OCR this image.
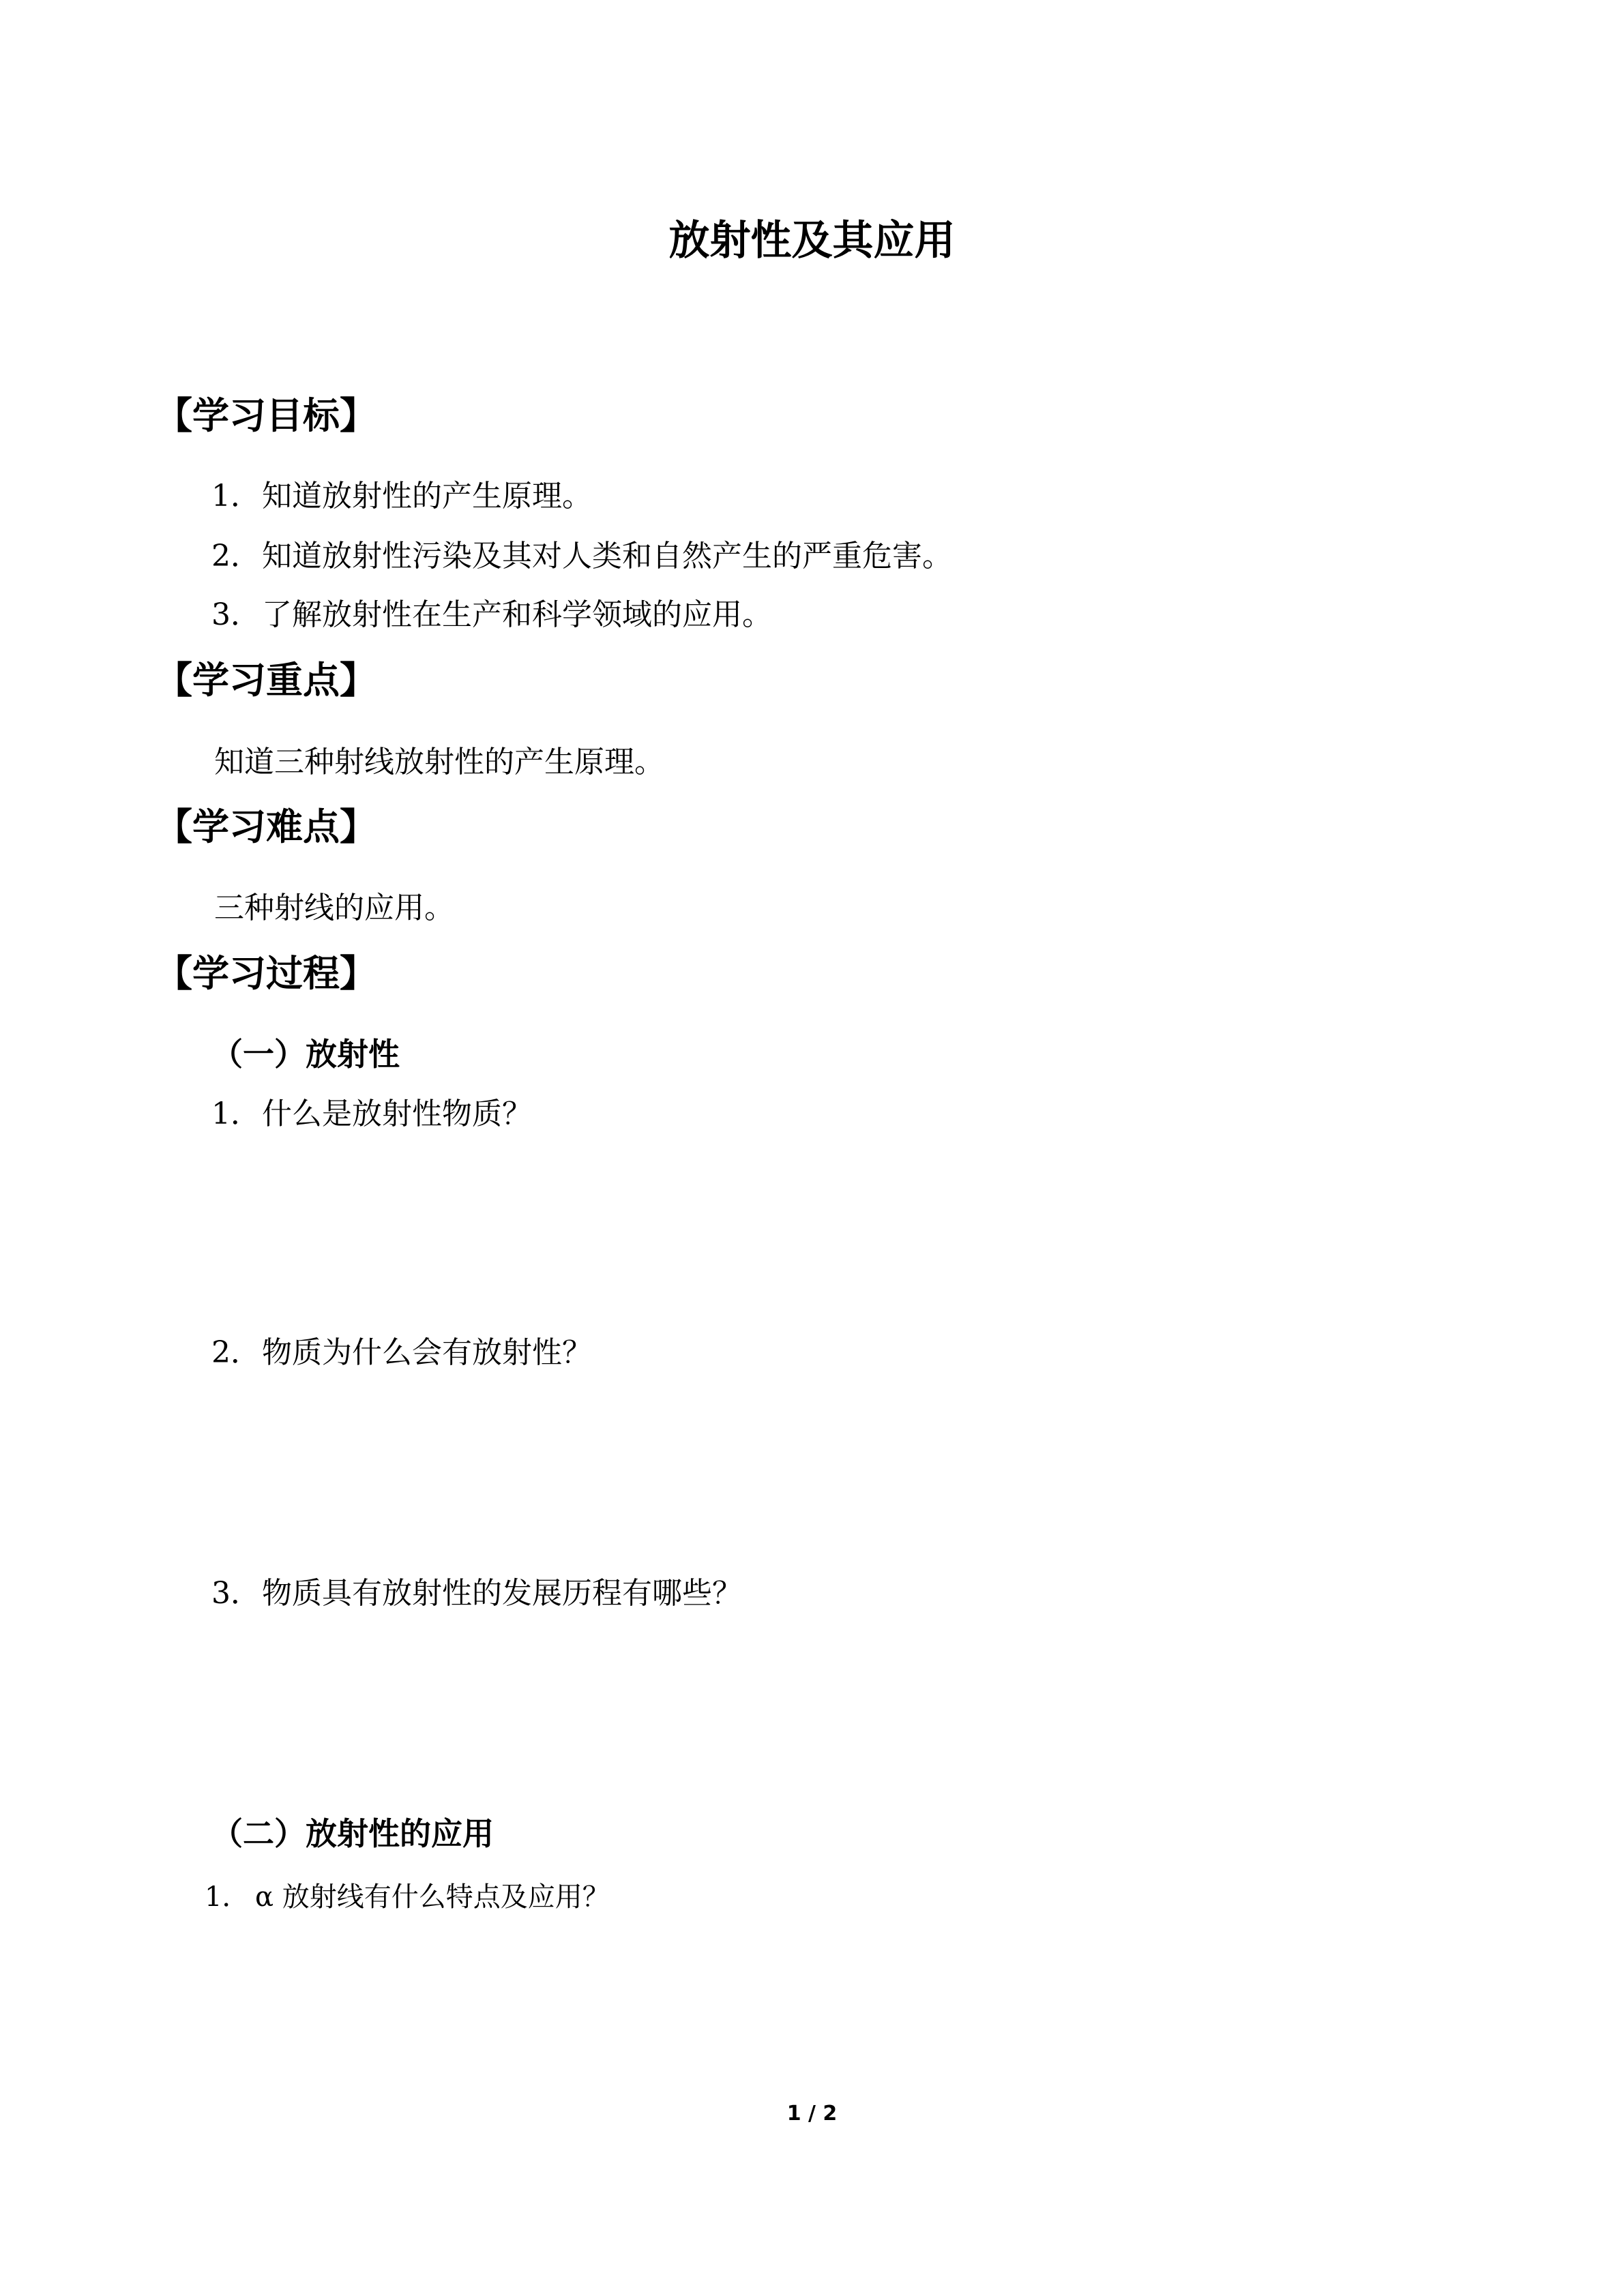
放射性及其应用
【学习目标】
1．知道放射性的产生原理。
2．知道放射性污染及其对人类和自然产生的严重危害。
3．了解放射性在生产和科学领域的应用。
【学习重点】
知道三种射线放射性的产生原理。
【学习难点】
三种射线的应用。
【学习过程】
（一）放射性
1．什么是放射性物质？
2．物质为什么会有放射性？
3．物质具有放射性的发展历程有哪些？
（二）放射性的应用
1． α 放射线有什么特点及应用？
1 / 2
